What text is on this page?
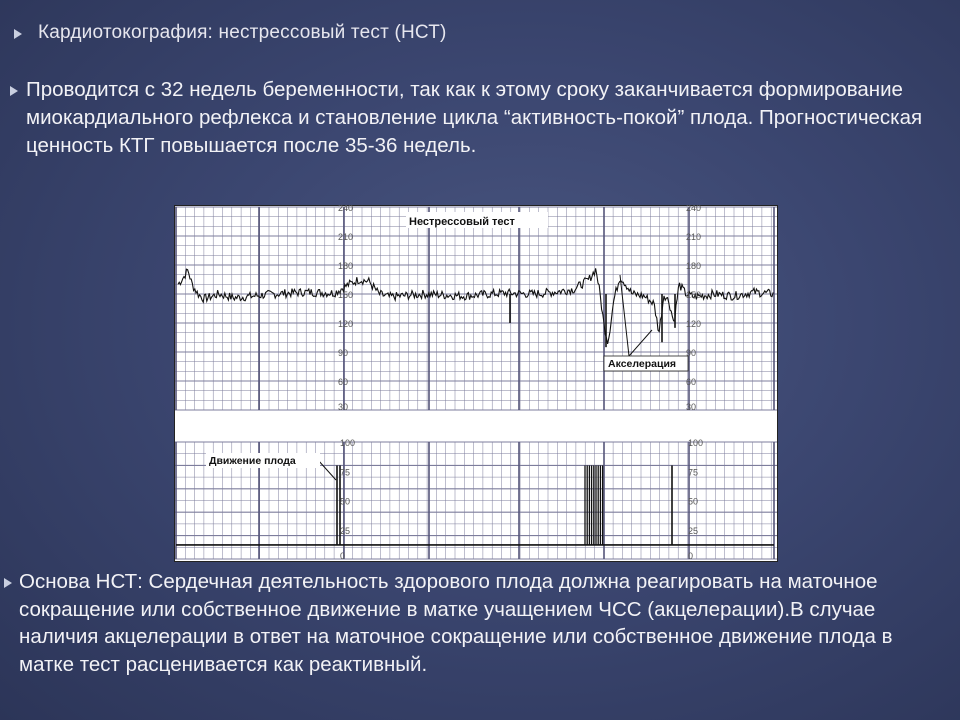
Кардиотокография: нестрессовый тест (НСТ)
Проводится с 32 недель беременности, так как к этому сроку заканчивается формирование миокардиального рефлекса и становление цикла “активность-покой” плода. Прогностическая ценность КТГ повышается после 35-36 недель.
Нестрессовый тест
Акселерация
Движение плода
240
210
180
150
120
90
60
30
100
75
50
25
0
240
210
180
150
120
90
60
30
100
75
50
25
0
Основа НСТ: Сердечная деятельность здорового плода должна реагировать на маточное сокращение или собственное движение в матке учащением ЧСС (акцелерации).В случае наличия акцелерации в ответ на маточное сокращение или собственное движение плода в матке тест расценивается как реактивный.
